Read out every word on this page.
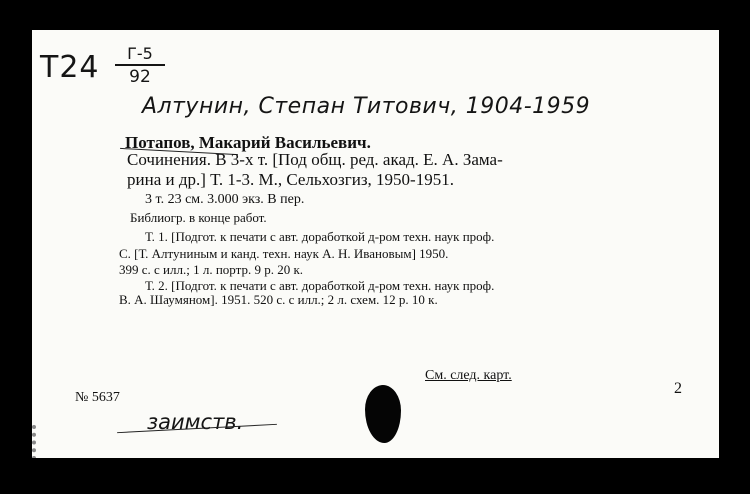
T24	Г-5
92
Алтунин, Степан Титович, 1904-1959
Потапов, Макарий Васильевич.
Сочинения. В 3-х т. [Под общ. ред. акад. Е. А. Зама-
рина и др.] Т. 1-3. М., Сельхозгиз, 1950-1951.
3 т. 23 см. 3.000 экз. В пер.
Библиогр. в конце работ.
Т. 1. [Подгот. к печати с авт. доработкой д-ром техн. наук проф.
С. [Т. Алтуниным и канд. техн. наук А. Н. Ивановым] 1950.
399 с. с илл.; 1 л. портр. 9 р. 20 к.
Т. 2. [Подгот. к печати с авт. доработкой д-ром техн. наук проф.
В. А. Шаумяном]. 1951. 520 с. с илл.; 2 л. схем. 12 р. 10 к.
См. след. карт.
2
№ 5637
заимств.
